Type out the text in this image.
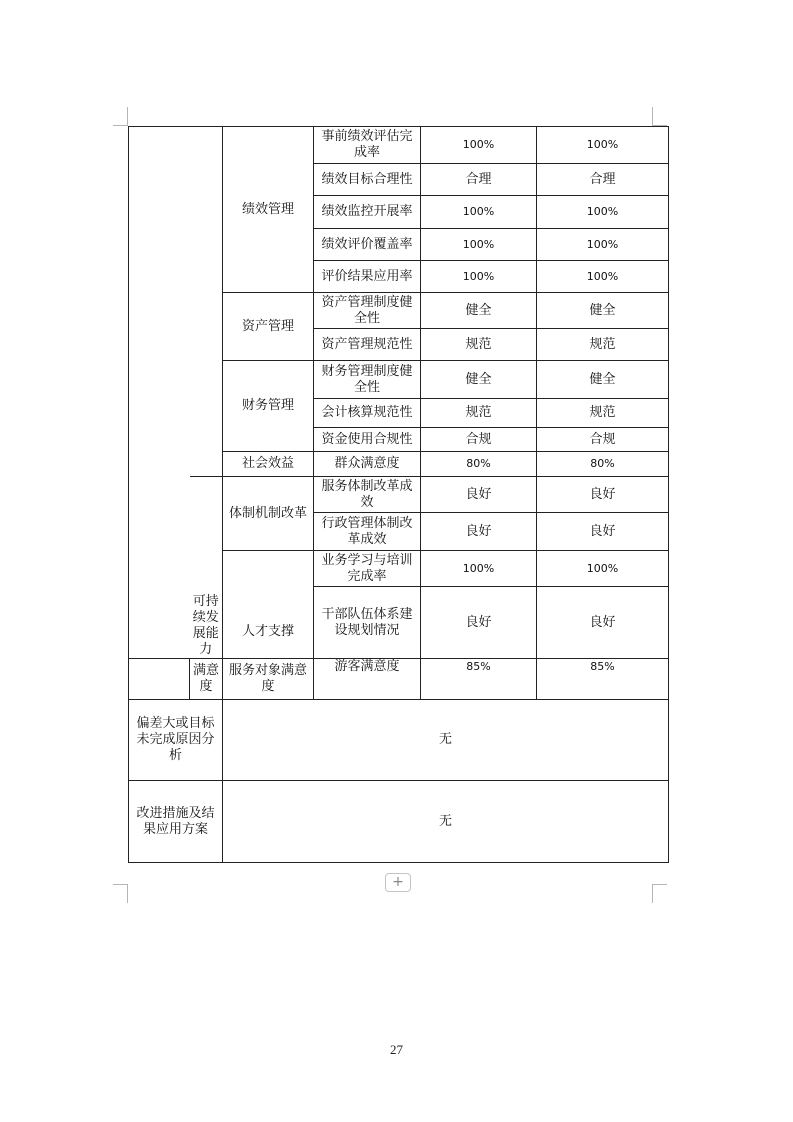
		绩效管理	事前绩效评估完成率	100%	100%
			绩效目标合理性	合理	合理
			绩效监控开展率	100%	100%
			绩效评价覆盖率	100%	100%
			评价结果应用率	100%	100%
		资产管理	资产管理制度健全性	健全	健全
			资产管理规范性	规范	规范
		财务管理	财务管理制度健全性	健全	健全
			会计核算规范性	规范	规范
			资金使用合规性	合规	合规
		社会效益	群众满意度	80%	80%
	可持续发展能力	体制机制改革	服务体制改革成效	良好	良好
			行政管理体制改革成效	良好	良好
		人才支撑	业务学习与培训完成率	100%	100%
			干部队伍体系建设规划情况	良好	良好
	满意度	服务对象满意度	游客满意度	85%	85%
偏差大或目标未完成原因分析		无			
改进措施及结果应用方案		无			
+
27
